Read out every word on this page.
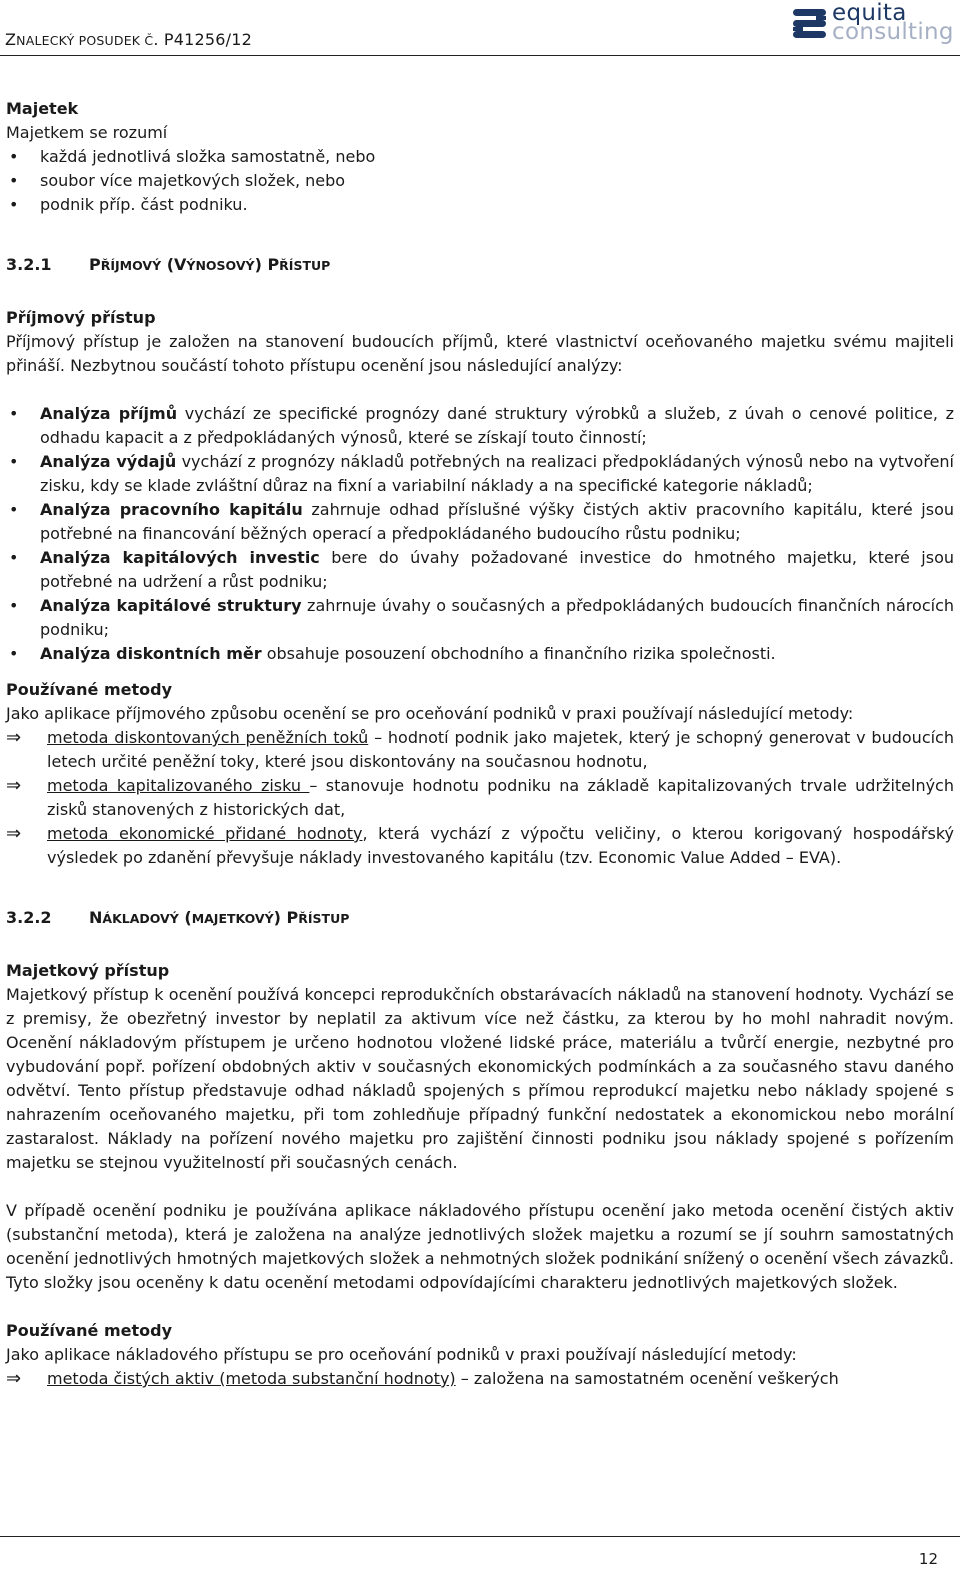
ZNALECKÝ POSUDEK Č. P41256/12
equita
consulting

Majetek

Majetkem se rozumí

• každá jednotlivá složka samostatně, nebo
• soubor více majetkových složek, nebo
• podnik příp. část podniku.
3.2.1	PŘÍJMOVÝ (VÝNOSOVÝ) PŘÍSTUP

Příjmový přístup

Příjmový přístup je založen na stanovení budoucích příjmů, které vlastnictví oceňovaného majetku svému majiteli přináší. Nezbytnou součástí tohoto přístupu ocenění jsou následující analýzy:

• Analýza příjmů vychází ze specifické prognózy dané struktury výrobků a služeb, z úvah o cenové politice, z odhadu kapacit a z předpokládaných výnosů, které se získají touto činností;
• Analýza výdajů vychází z prognózy nákladů potřebných na realizaci předpokládaných výnosů nebo na vytvoření zisku, kdy se klade zvláštní důraz na fixní a variabilní náklady a na specifické kategorie nákladů;
• Analýza pracovního kapitálu zahrnuje odhad příslušné výšky čistých aktiv pracovního kapitálu, které jsou potřebné na financování běžných operací a předpokládaného budoucího růstu podniku;
• Analýza kapitálových investic bere do úvahy požadované investice do hmotného majetku, které jsou potřebné na udržení a růst podniku;
• Analýza kapitálové struktury zahrnuje úvahy o současných a předpokládaných budoucích finančních nárocích podniku;
• Analýza diskontních měr obsahuje posouzení obchodního a finančního rizika společnosti.

Používané metody

Jako aplikace příjmového způsobu ocenění se pro oceňování podniků v praxi používají následující metody:

⇒ metoda diskontovaných peněžních toků – hodnotí podnik jako majetek, který je schopný generovat v budoucích letech určité peněžní toky, které jsou diskontovány na současnou hodnotu,
⇒ metoda kapitalizovaného zisku – stanovuje hodnotu podniku na základě kapitalizovaných trvale udržitelných zisků stanovených z historických dat,
⇒ metoda ekonomické přidané hodnoty, která vychází z výpočtu veličiny, o kterou korigovaný hospodářský výsledek po zdanění převyšuje náklady investovaného kapitálu (tzv. Economic Value Added – EVA).
3.2.2	NÁKLADOVÝ (MAJETKOVÝ) PŘÍSTUP

Majetkový přístup

Majetkový přístup k ocenění používá koncepci reprodukčních obstarávacích nákladů na stanovení hodnoty. Vychází se z premisy, že obezřetný investor by neplatil za aktivum více než částku, za kterou by ho mohl nahradit novým. Ocenění nákladovým přístupem je určeno hodnotou vložené lidské práce, materiálu a tvůrčí energie, nezbytné pro vybudování popř. pořízení obdobných aktiv v současných ekonomických podmínkách a za současného stavu daného odvětví. Tento přístup představuje odhad nákladů spojených s přímou reprodukcí majetku nebo náklady spojené s nahrazením oceňovaného majetku, při tom zohledňuje případný funkční nedostatek a ekonomickou nebo morální zastaralost. Náklady na pořízení nového majetku pro zajištění činnosti podniku jsou náklady spojené s pořízením majetku se stejnou využitelností při současných cenách.

V případě ocenění podniku je používána aplikace nákladového přístupu ocenění jako metoda ocenění čistých aktiv (substanční metoda), která je založena na analýze jednotlivých složek majetku a rozumí se jí souhrn samostatných ocenění jednotlivých hmotných majetkových složek a nehmotných složek podnikání snížený o ocenění všech závazků. Tyto složky jsou oceněny k datu ocenění metodami odpovídajícími charakteru jednotlivých majetkových složek.

Používané metody

Jako aplikace nákladového přístupu se pro oceňování podniků v praxi používají následující metody:

⇒ metoda čistých aktiv (metoda substanční hodnoty) – založena na samostatném ocenění veškerých
12
